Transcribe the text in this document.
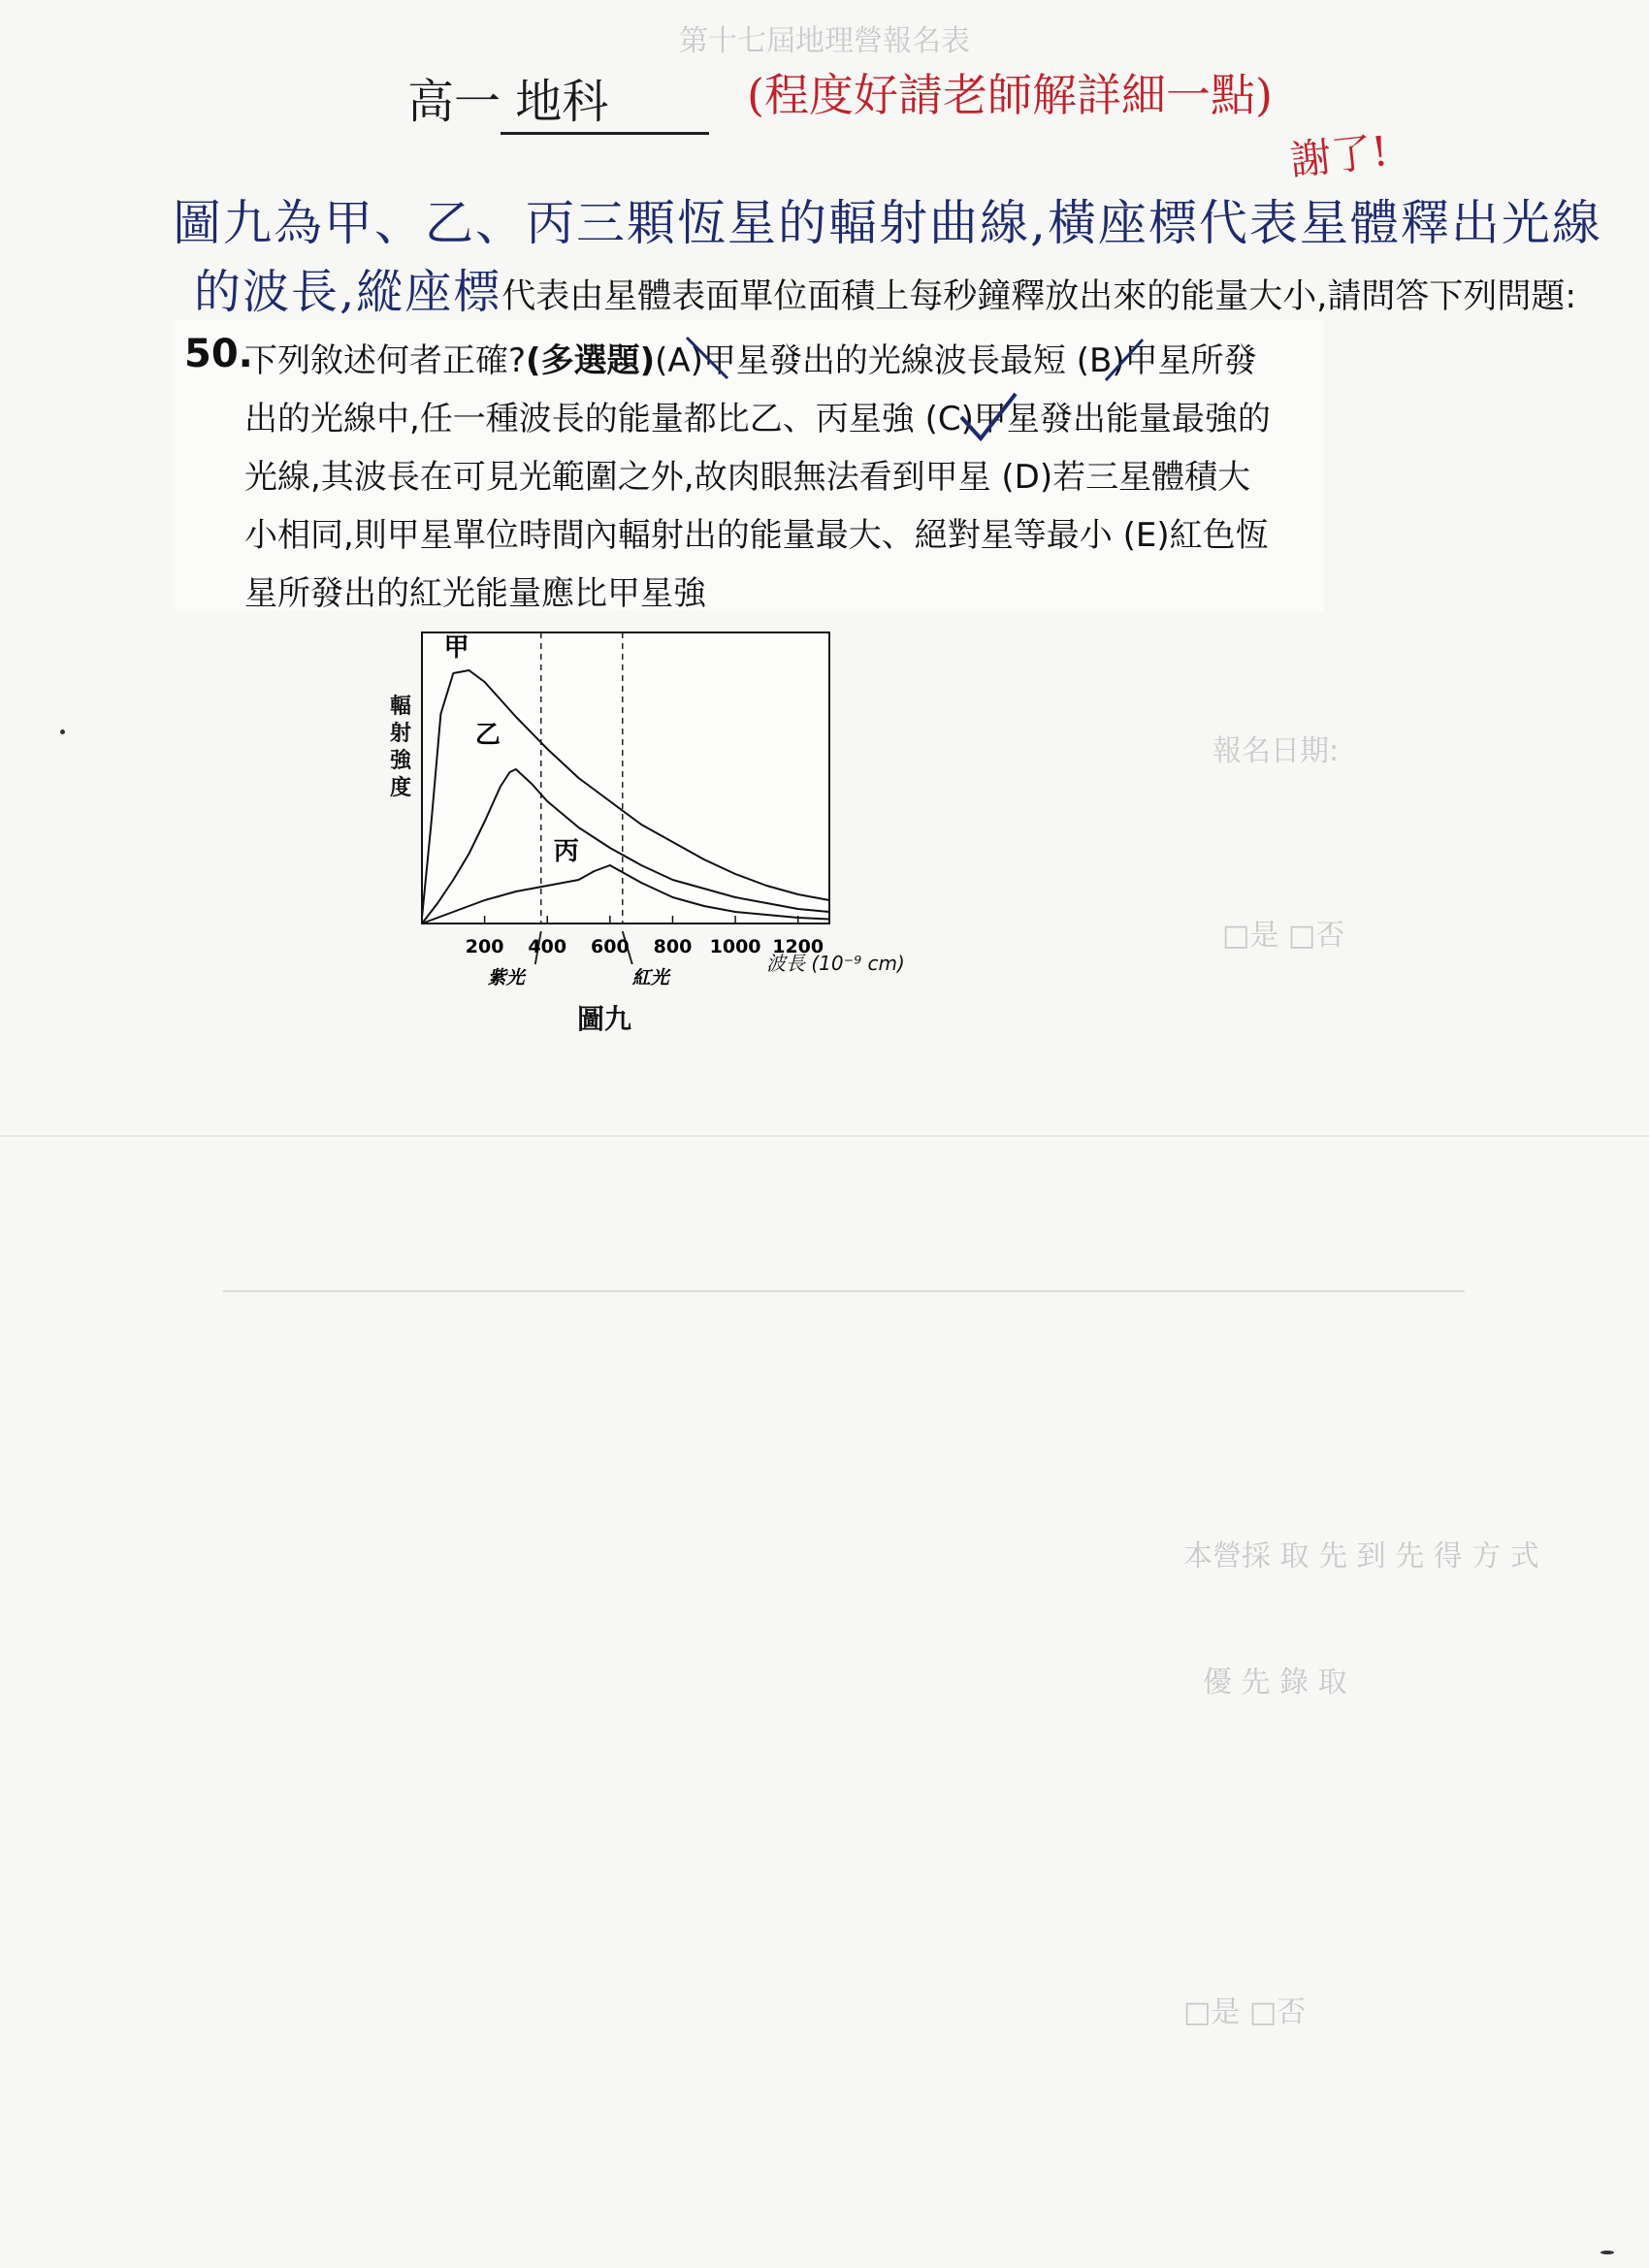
第十七屆地理營報名表
報名日期:
□是 □否
本營採 取 先 到 先 得 方 式
優 先 錄 取
□是 □否
高一 地科	(程度好請老師解詳細一點)
謝了!
圖九為甲、乙、丙三顆恆星的輻射曲線,橫座標代表星體釋出光線
的波長,縱座標代表由星體表面單位面積上每秒鐘釋放出來的能量大小,請問答下列問題:
50.
下列敘述何者正確?(多選題)(A)甲星發出的光線波長最短 (B)甲星所發
出的光線中,任一種波長的能量都比乙、丙星強 (C)甲星發出能量最強的
光線,其波長在可見光範圍之外,故肉眼無法看到甲星 (D)若三星體積大
小相同,則甲星單位時間內輻射出的能量最大、絕對星等最小 (E)紅色恆
星所發出的紅光能量應比甲星強
紫光	紅光
甲
乙
丙
200 400 600 800 1000 1200
輻射強度
波長 (10⁻⁹ cm)
圖九
